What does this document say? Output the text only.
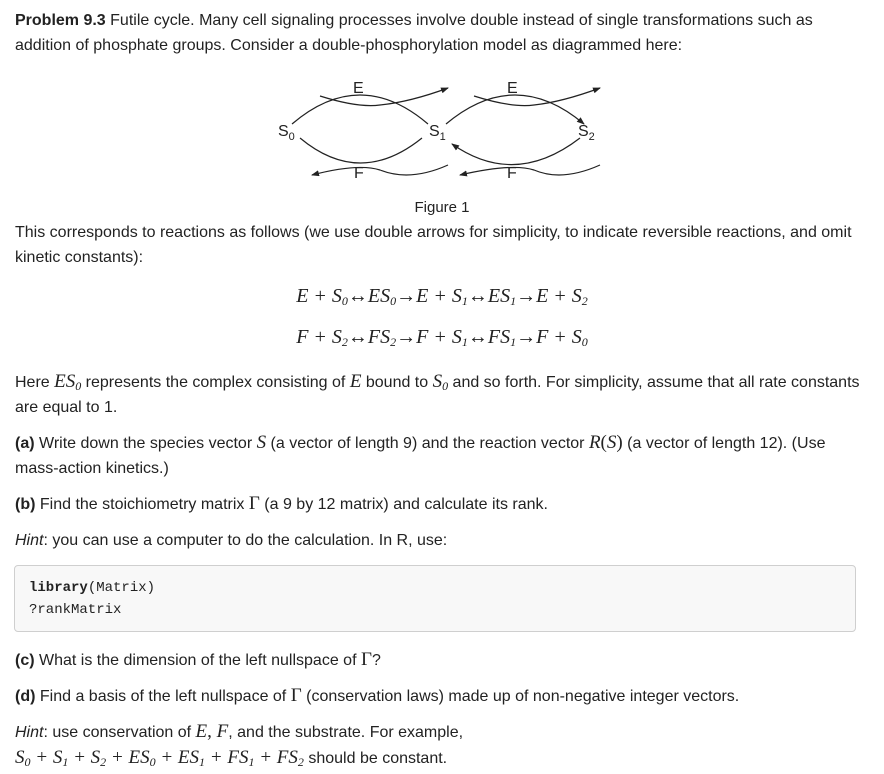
Problem 9.3 Futile cycle. Many cell signaling processes involve double instead of single transformations such as addition of phosphate groups. Consider a double-phosphorylation model as diagrammed here:

E	E
F	F
$S_0$	$S_1$	$S_2$
Figure 1

This corresponds to reactions as follows (we use double arrows for simplicity, to indicate reversible reactions, and omit kinetic constants):

$E + S_0\leftrightarrow ES_0\to E$ + $S_1\leftrightarrow ES_1\to E + S_2$
$F + S_2\leftrightarrow FS_2\to F$ + $S_1\leftrightarrow FS_1\to F + S_0$

Here $ES_0$ represents the complex consisting of E bound to $S_0$ and so forth. For simplicity, assume that all rate constants are equal to 1.

(a) Write down the species vector S (a vector of length 9) and the reaction vector R(S) (a vector of length 12). (Use mass-action kinetics.)

(b) Find the stoichiometry matrix Γ (a 9 by 12 matrix) and calculate its rank.

Hint: you can use a computer to do the calculation. In R, use:

library(Matrix)
?rankMatrix

(c) What is the dimension of the left nullspace of Γ?

(d) Find a basis of the left nullspace of Γ (conservation laws) made up of non-negative integer vectors.

Hint: use conservation of E, F, and the substrate. For example,
$S_0 + S_1 + S_2 + ES_0 + ES_1 + FS_1 + FS_2$ should be constant.
